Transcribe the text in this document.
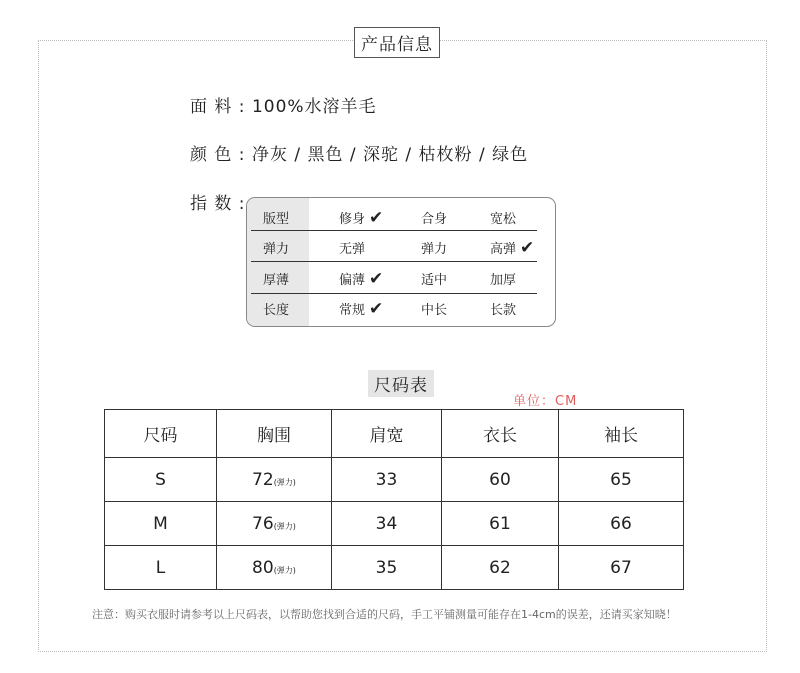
产品信息
面 料 : 100%水溶羊毛
颜 色 : 净灰 / 黑色 / 深驼 / 枯枚粉 / 绿色
指 数 :
版型	修身 ✔	合身	宽松
弹力	无弹	弹力	高弹 ✔
厚薄	偏薄 ✔	适中	加厚
长度	常规 ✔	中长	长款
尺码表
单位：CM
尺码	胸围	肩宽	衣长	袖长
S	72(弹力)	33	60	65
M	76(弹力)	34	61	66
L	80(弹力)	35	62	67
注意：购买衣服时请参考以上尺码表，以帮助您找到合适的尺码，手工平铺测量可能存在1-4cm的误差，还请买家知晓！
